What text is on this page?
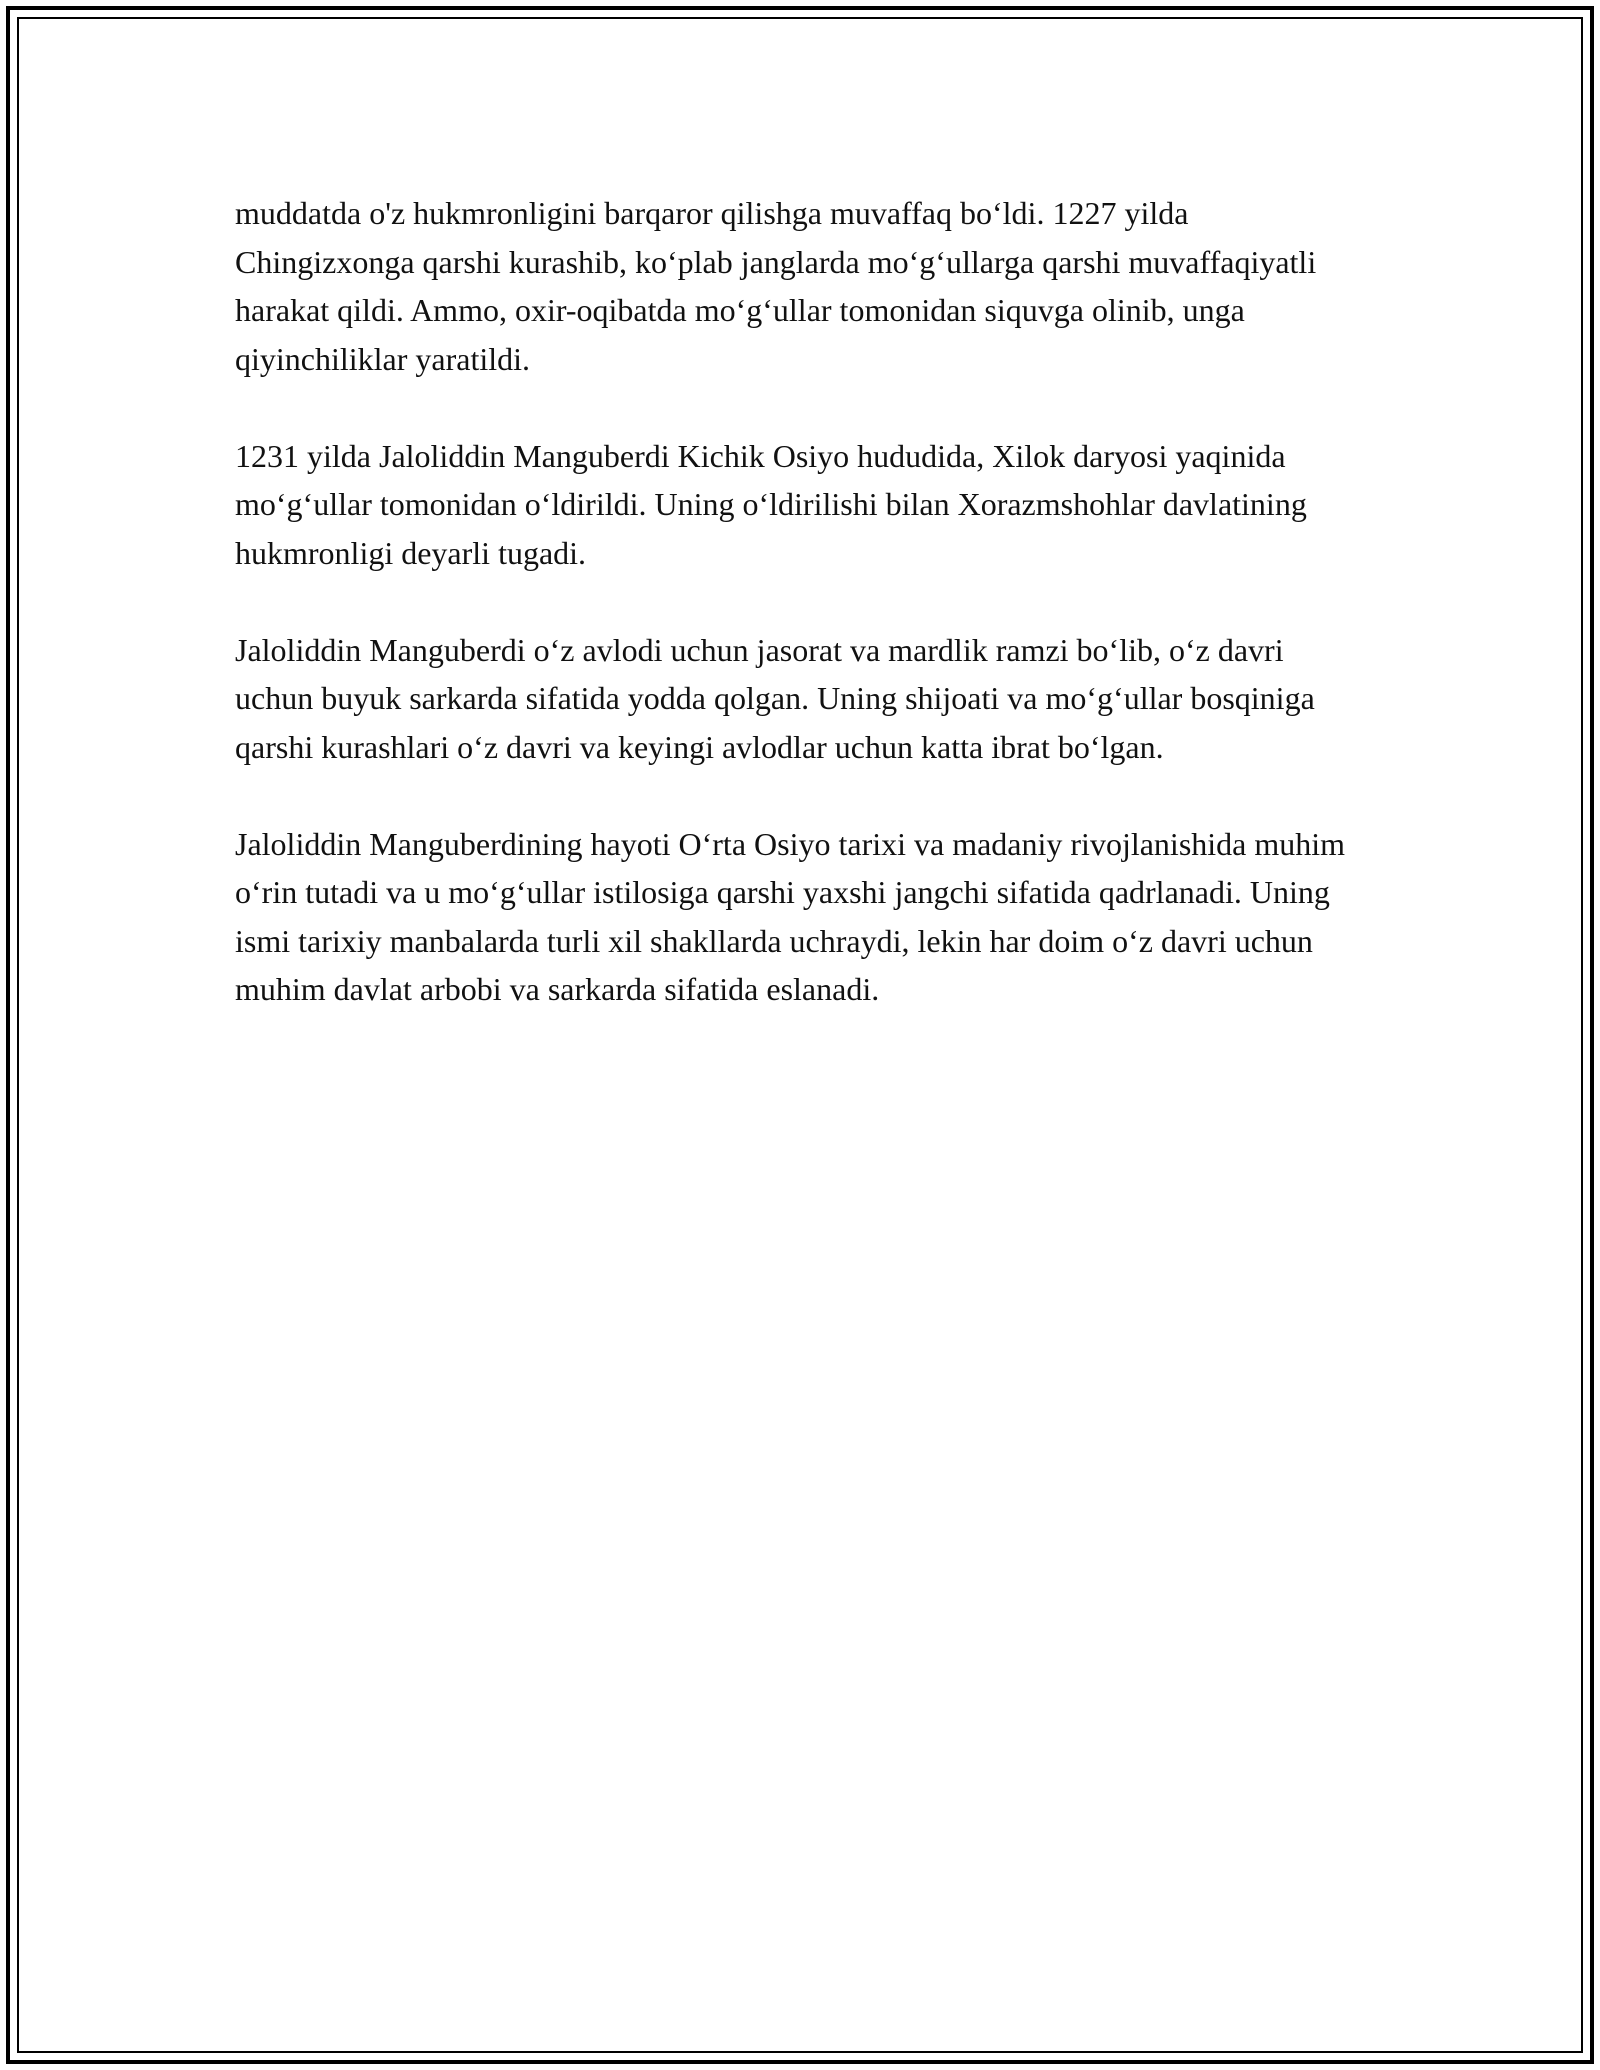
muddatda o'z hukmronligini barqaror qilishga muvaffaq bo‘ldi. 1227 yilda Chingizxonga qarshi kurashib, ko‘plab janglarda mo‘g‘ullarga qarshi muvaffaqiyatli harakat qildi. Ammo, oxir-oqibatda mo‘g‘ullar tomonidan siquvga olinib, unga qiyinchiliklar yaratildi.

1231 yilda Jaloliddin Manguberdi Kichik Osiyo hududida, Xilok daryosi yaqinida mo‘g‘ullar tomonidan o‘ldirildi. Uning o‘ldirilishi bilan Xorazmshohlar davlatining hukmronligi deyarli tugadi.

Jaloliddin Manguberdi o‘z avlodi uchun jasorat va mardlik ramzi bo‘lib, o‘z davri uchun buyuk sarkarda sifatida yodda qolgan. Uning shijoati va mo‘g‘ullar bosqiniga qarshi kurashlari o‘z davri va keyingi avlodlar uchun katta ibrat bo‘lgan.

Jaloliddin Manguberdining hayoti O‘rta Osiyo tarixi va madaniy rivojlanishida muhim o‘rin tutadi va u mo‘g‘ullar istilosiga qarshi yaxshi jangchi sifatida qadrlanadi. Uning ismi tarixiy manbalarda turli xil shakllarda uchraydi, lekin har doim o‘z davri uchun muhim davlat arbobi va sarkarda sifatida eslanadi.
